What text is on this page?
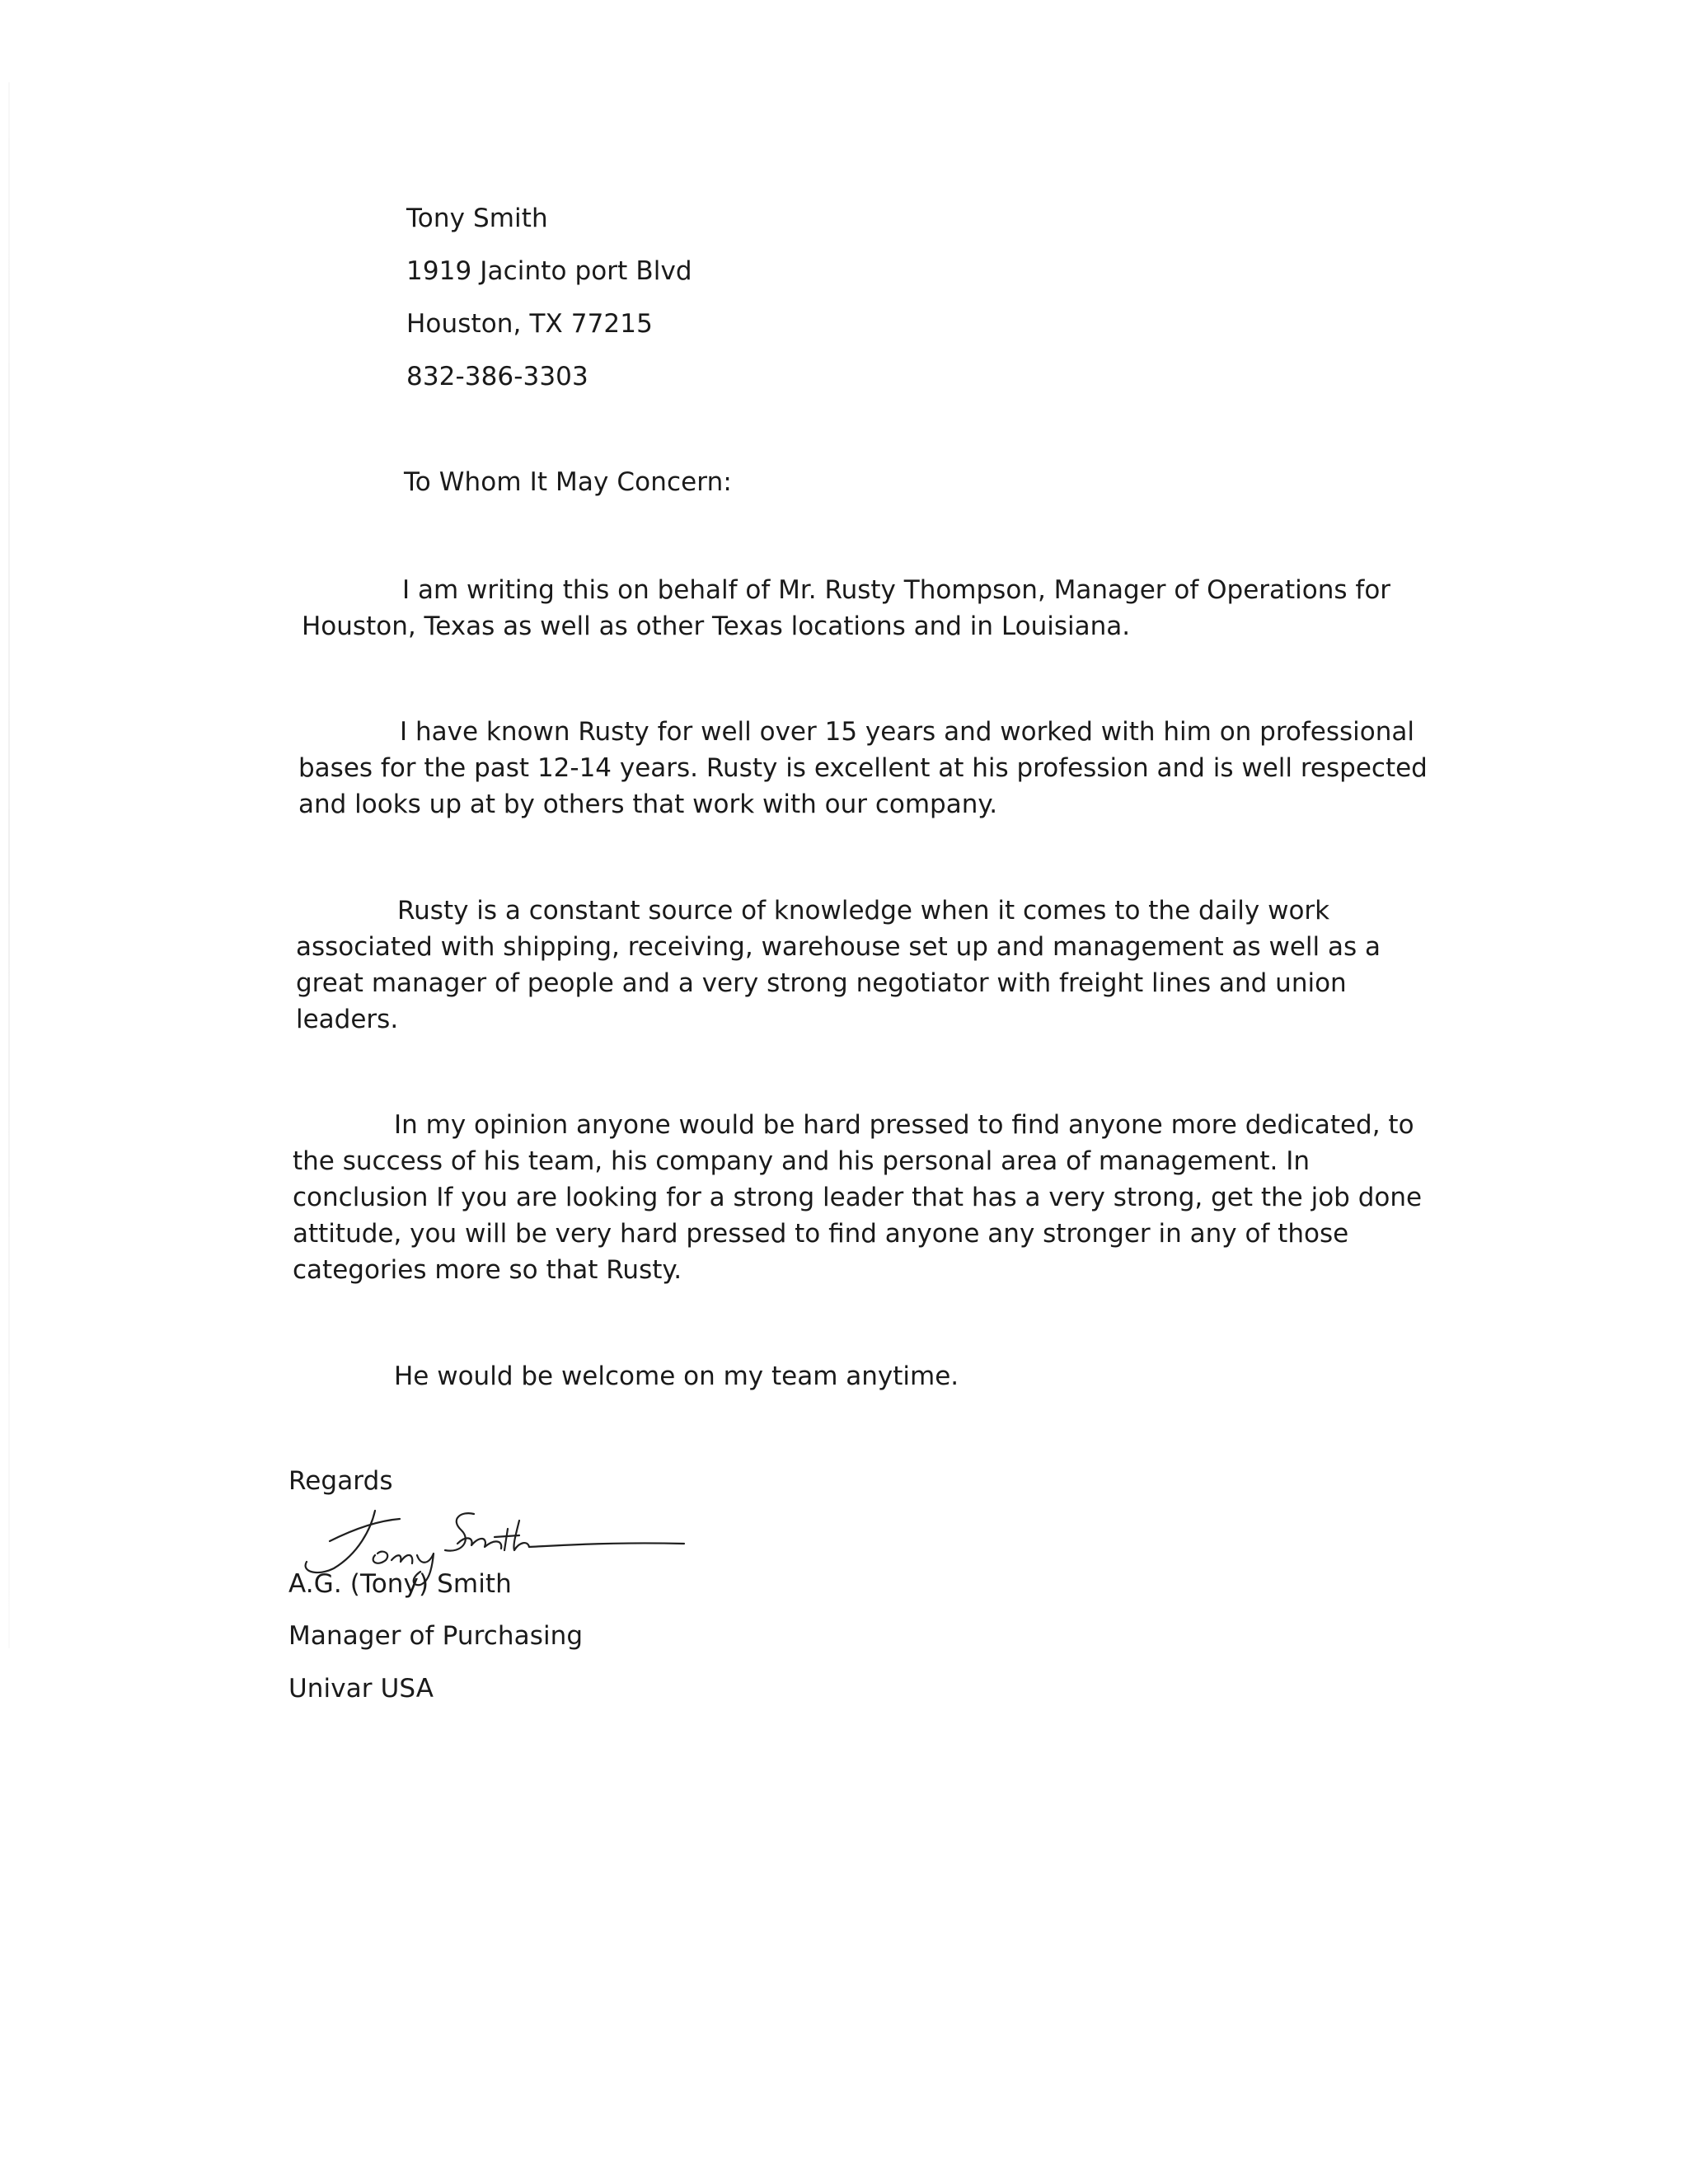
Tony Smith
1919 Jacinto port Blvd
Houston, TX 77215
832-386-3303
To Whom It May Concern:
I am writing this on behalf of Mr. Rusty Thompson, Manager of Operations for
Houston, Texas as well as other Texas locations and in Louisiana.
I have known Rusty for well over 15 years and worked with him on professional
bases for the past 12-14 years. Rusty is excellent at his profession and is well respected
and looks up at by others that work with our company.
Rusty is a constant source of knowledge when it comes to the daily work
associated with shipping, receiving, warehouse set up and management as well as a
great manager of people and a very strong negotiator with freight lines and union
leaders.
In my opinion anyone would be hard pressed to find anyone more dedicated, to
the success of his team, his company and his personal area of management. In
conclusion If you are looking for a strong leader that has a very strong, get the job done
attitude, you will be very hard pressed to find anyone any stronger in any of those
categories more so that Rusty.
He would be welcome on my team anytime.
Regards
A.G. (Tony) Smith
Manager of Purchasing
Univar USA
